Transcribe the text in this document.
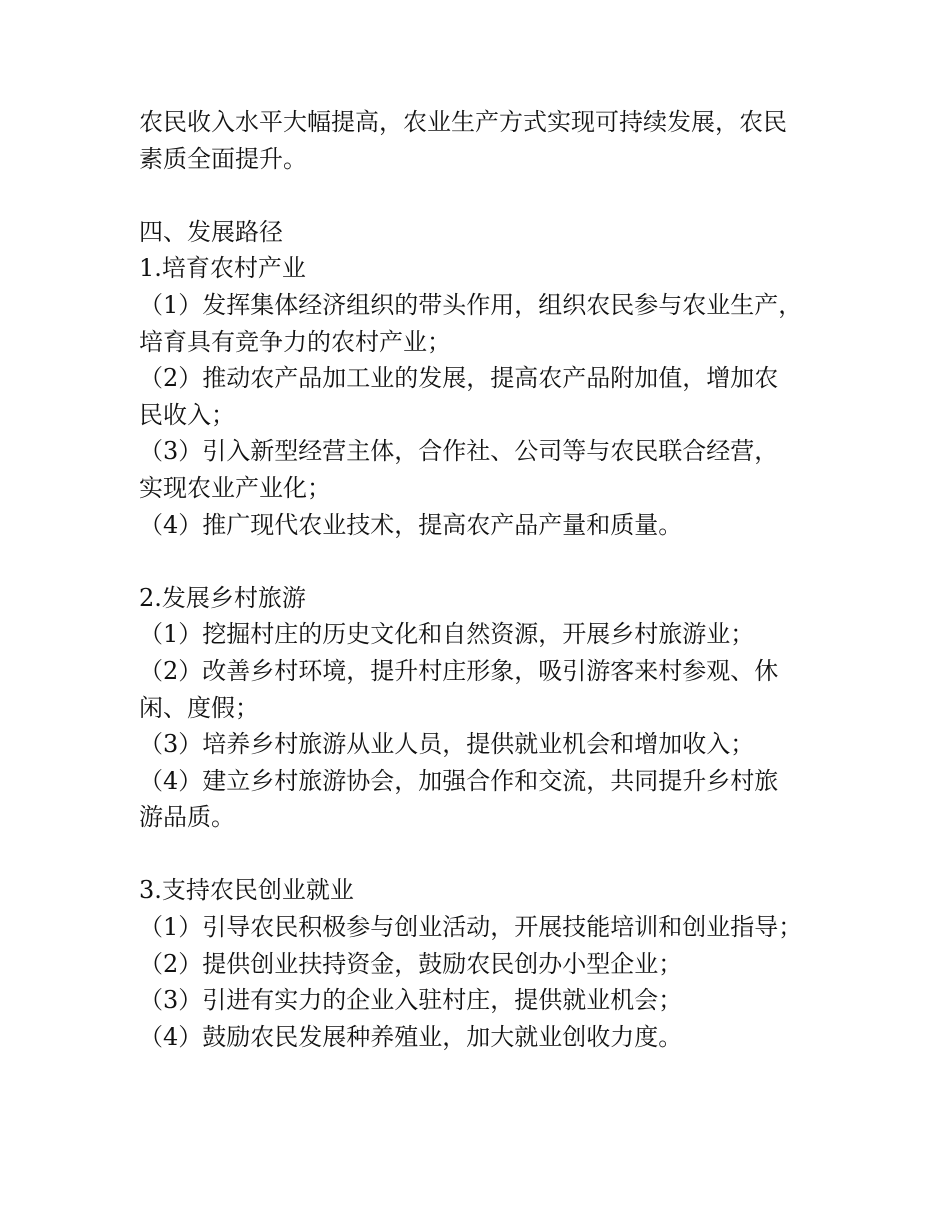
农民收入水平大幅提高，农业生产方式实现可持续发展，农民
素质全面提升。
四、发展路径
1.培育农村产业
（1）发挥集体经济组织的带头作用，组织农民参与农业生产，
培育具有竞争力的农村产业；
（2）推动农产品加工业的发展，提高农产品附加值，增加农
民收入；
（3）引入新型经营主体，合作社、公司等与农民联合经营，
实现农业产业化；
（4）推广现代农业技术，提高农产品产量和质量。
2.发展乡村旅游
（1）挖掘村庄的历史文化和自然资源，开展乡村旅游业；
（2）改善乡村环境，提升村庄形象，吸引游客来村参观、休
闲、度假；
（3）培养乡村旅游从业人员，提供就业机会和增加收入；
（4）建立乡村旅游协会，加强合作和交流，共同提升乡村旅
游品质。
3.支持农民创业就业
（1）引导农民积极参与创业活动，开展技能培训和创业指导；
（2）提供创业扶持资金，鼓励农民创办小型企业；
（3）引进有实力的企业入驻村庄，提供就业机会；
（4）鼓励农民发展种养殖业，加大就业创收力度。
